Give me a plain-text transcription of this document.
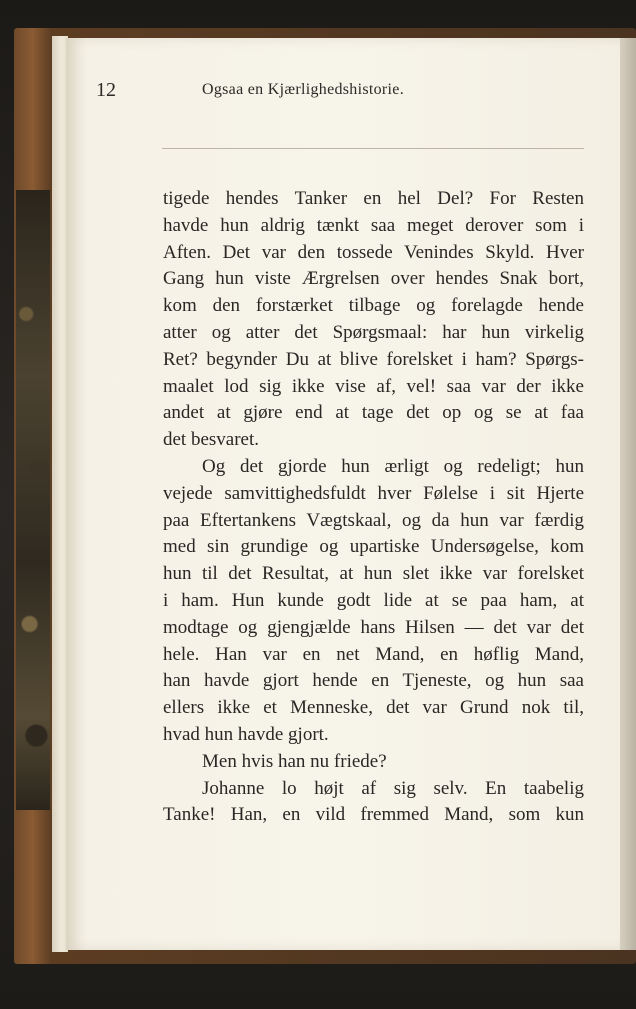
12	Ogsaa en Kjærlighedshistorie.
tigede hendes Tanker en hel Del? For Resten
havde hun aldrig tænkt saa meget derover som i
Aften. Det var den tossede Venindes Skyld. Hver
Gang hun viste Ærgrelsen over hendes Snak bort,
kom den forstærket tilbage og forelagde hende
atter og atter det Spørgsmaal: har hun virkelig
Ret? begynder Du at blive forelsket i ham? Spørgs-
maalet lod sig ikke vise af, vel! saa var der ikke
andet at gjøre end at tage det op og se at faa
det besvaret.
Og det gjorde hun ærligt og redeligt; hun
vejede samvittighedsfuldt hver Følelse i sit Hjerte
paa Eftertankens Vægtskaal, og da hun var færdig
med sin grundige og upartiske Undersøgelse, kom
hun til det Resultat, at hun slet ikke var forelsket
i ham. Hun kunde godt lide at se paa ham, at
modtage og gjengjælde hans Hilsen — det var det
hele. Han var en net Mand, en høflig Mand,
han havde gjort hende en Tjeneste, og hun saa
ellers ikke et Menneske, det var Grund nok til,
hvad hun havde gjort.
Men hvis han nu friede?
Johanne lo højt af sig selv. En taabelig
Tanke! Han, en vild fremmed Mand, som kun
